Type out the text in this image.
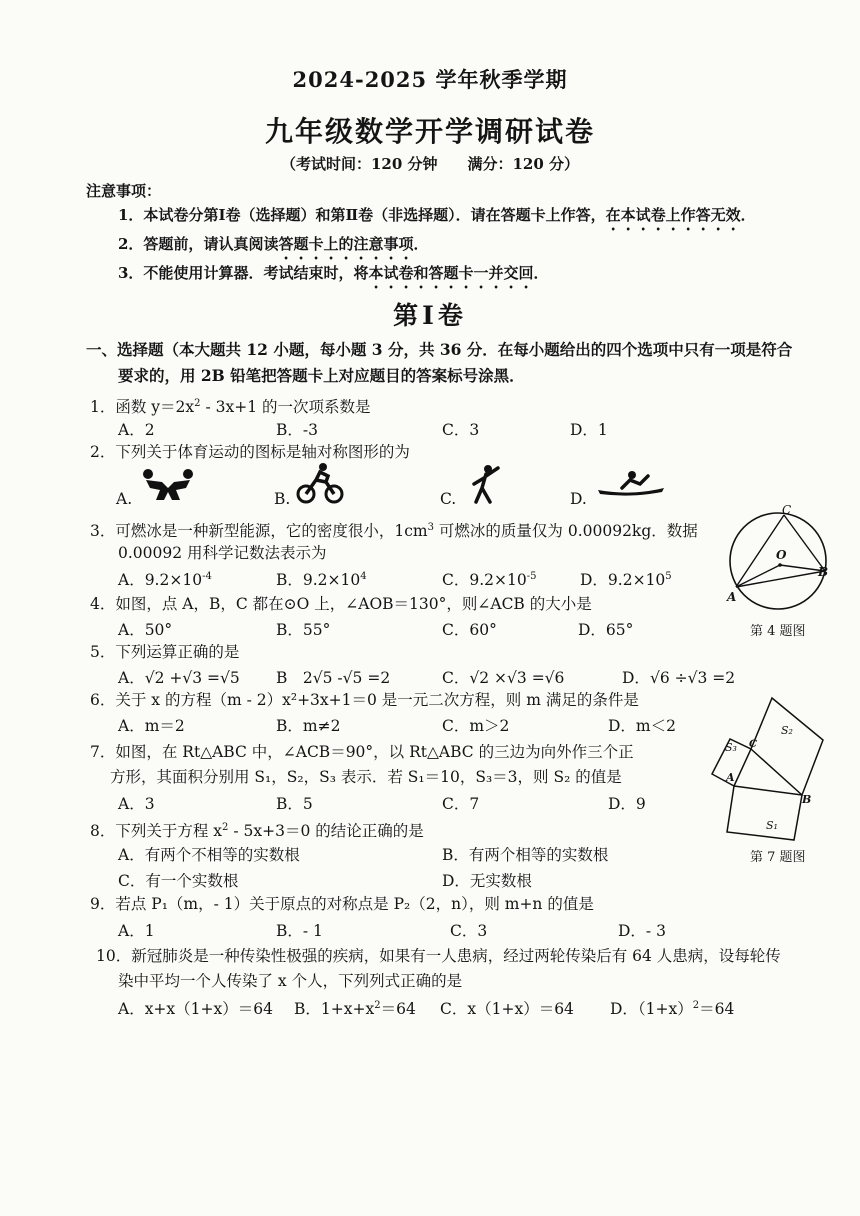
2024-2025 学年秋季学期
九年级数学开学调研试卷
（考试时间：120 分钟　　满分：120 分）
注意事项：
1．本试卷分第Ⅰ卷（选择题）和第Ⅱ卷（非选择题）．请在答题卡上作答，在本试卷上作答无效．
2．答题前，请认真阅读答题卡上的注意事项．
3．不能使用计算器．考试结束时，将本试卷和答题卡一并交回．
第Ⅰ卷
一、选择题（本大题共 12 小题，每小题 3 分，共 36 分．在每小题给出的四个选项中只有一项是符合
要求的，用 2B 铅笔把答题卡上对应题目的答案标号涂黑．
1．函数 $y=2x^2 - 3x+1$ 的一次项系数是
A．2	B．-3	C．3	D．1
2．下列关于体育运动的图标是轴对称图形的为
A.	B.	C.	D.
3．可燃冰是一种新型能源，它的密度很小，$1cm^3$ 可燃冰的质量仅为 0.00092kg．数据
0.00092 用科学记数法表示为
A．$9.2\times 10^{-4}$	B．$9.2\times 10^4$	C．$9.2\times 10^{-5}$	D．$9.2\times 10^5$
C
O
B
A
第 4 题图
4．如图，点 A，B，C 都在⊙O 上，∠AOB＝130°，则∠ACB 的大小是
A．50°	B．55°	C．60°	D．65°
5．下列运算正确的是
A．√2 +√3 =√5 B　 2√5 -√5 =2	C．√2 ×√3 =√6	D．√6 ÷√3 =2
6．关于 x 的方程（m - 2）x²+3x+1＝0 是一元二次方程，则 m 满足的条件是
A．m＝2	B．m≠2	C．m＞2	D．m＜2
S₁
S₂
S₃
A
B
C
第 7 题图
7．如图，在 Rt△ABC 中，∠ACB＝90°，以 Rt△ABC 的三边为向外作三个正
方形，其面积分别用 S₁，S₂，S₃ 表示．若 S₁＝10，S₃＝3，则 S₂ 的值是
A．3	B．5	C．7	D．9
8．下列关于方程 $x^2 - 5x+3=0$ 的结论正确的是
A．有两个不相等的实数根	B．有两个相等的实数根
C．有一个实数根	D．无实数根
9．若点 P₁（m，- 1）关于原点的对称点是 P₂（2，n），则 m+n 的值是
A．1	B．- 1	C．3	D．- 3
10．新冠肺炎是一种传染性极强的疾病，如果有一人患病，经过两轮传染后有 64 人患病，设每轮传
染中平均一个人传染了 x 个人，下列列式正确的是
A．x+x（1+x）＝64 B．$1+x+x^2=64$ C．x（1+x）＝64 D．$(1+x)^2=64$
